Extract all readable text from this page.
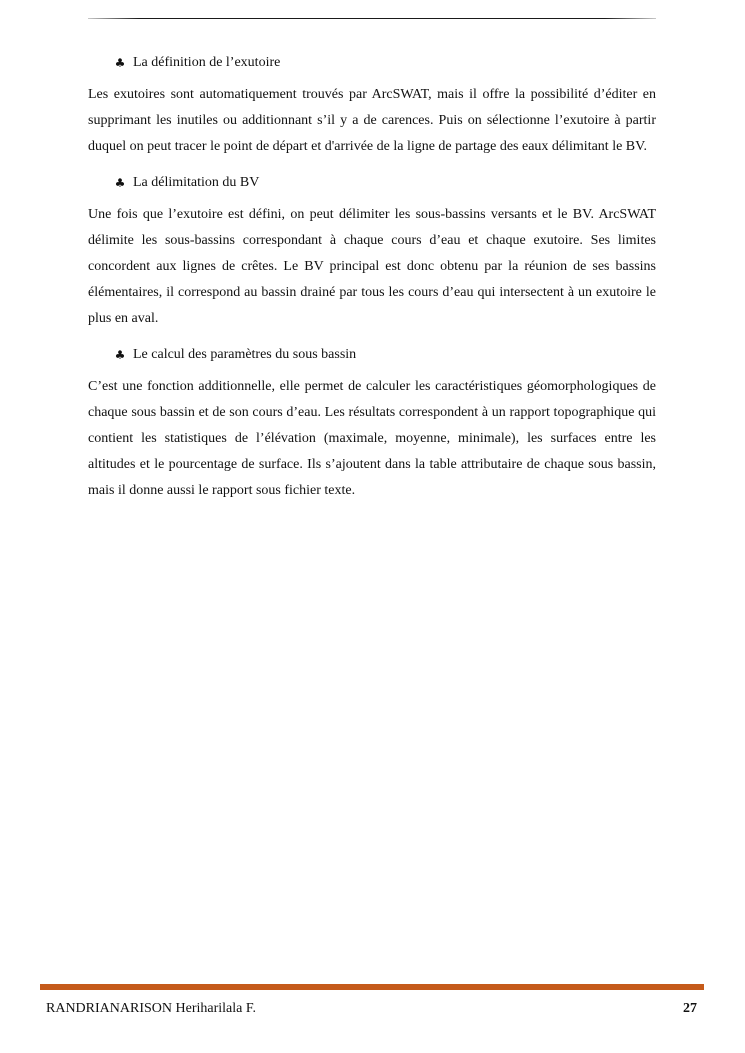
♣ La définition de l’exutoire

Les exutoires sont automatiquement trouvés par ArcSWAT, mais il offre la possibilité d’éditer en supprimant les inutiles ou additionnant s’il y a de carences. Puis on sélectionne l’exutoire à partir duquel on peut tracer le point de départ et d'arrivée de la ligne de partage des eaux délimitant le BV.

♣ La délimitation du BV

Une fois que l’exutoire est défini, on peut délimiter les sous-bassins versants et le BV. ArcSWAT délimite les sous-bassins correspondant à chaque cours d’eau et chaque exutoire. Ses limites concordent aux lignes de crêtes. Le BV principal est donc obtenu par la réunion de ses bassins élémentaires, il correspond au bassin drainé par tous les cours d’eau qui intersectent à un exutoire le plus en aval.

♣ Le calcul des paramètres du sous bassin

C’est une fonction additionnelle, elle permet de calculer les caractéristiques géomorphologiques de chaque sous bassin et de son cours d’eau. Les résultats correspondent à un rapport topographique qui contient les statistiques de l’élévation (maximale, moyenne, minimale), les surfaces entre les altitudes et le pourcentage de surface. Ils s’ajoutent dans la table attributaire de chaque sous bassin, mais il donne aussi le rapport sous fichier texte.

RANDRIANARISON Heriharilala F.	27
